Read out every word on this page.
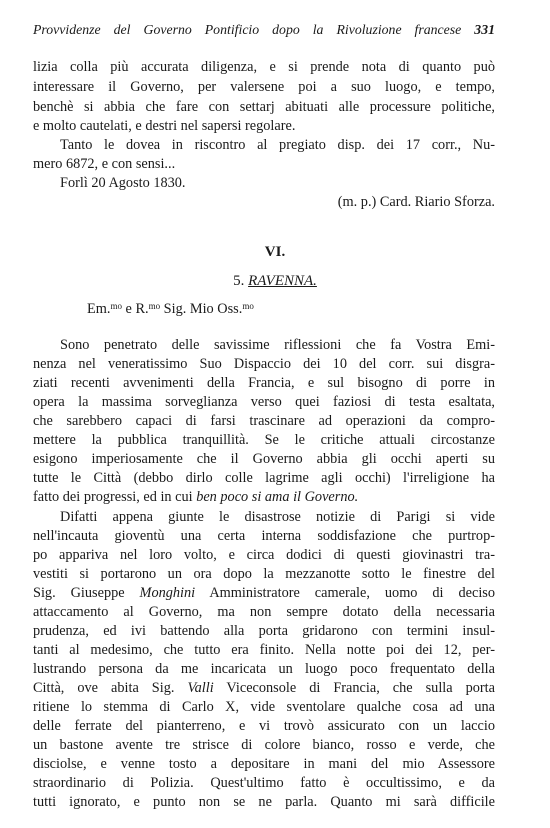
Provvidenze del Governo Pontificio dopo la Rivoluzione francese 331
lizia colla più accurata diligenza, e si prende nota di quanto può
interessare il Governo, per valersene poi a suo luogo, e tempo,
benchè si abbia che fare con settarj abituati alle processure politiche,
e molto cautelati, e destri nel sapersi regolare.
Tanto le dovea in riscontro al pregiato disp. dei 17 corr., Nu-
mero 6872, e con sensi...
Forlì 20 Agosto 1830.
(m. p.) Card. Riario Sforza.
VI.
5. RAVENNA.
Em.$^{mo}$ e R.$^{mo}$ Sig. Mio Oss.$^{mo}$
Sono penetrato delle savissime riflessioni che fa Vostra Emi-
nenza nel veneratissimo Suo Dispaccio dei 10 del corr. sui disgra-
ziati recenti avvenimenti della Francia, e sul bisogno di porre in
opera la massima sorveglianza verso quei faziosi di testa esaltata,
che sarebbero capaci di farsi trascinare ad operazioni da compro-
mettere la pubblica tranquillità. Se le critiche attuali circostanze
esigono imperiosamente che il Governo abbia gli occhi aperti su
tutte le Città (debbo dirlo colle lagrime agli occhi) l'irreligione ha
fatto dei progressi, ed in cui ben poco si ama il Governo.
Difatti appena giunte le disastrose notizie di Parigi si vide
nell'incauta gioventù una certa interna soddisfazione che purtrop-
po appariva nel loro volto, e circa dodici di questi giovinastri tra-
vestiti si portarono un ora dopo la mezzanotte sotto le finestre del
Sig. Giuseppe Monghini Amministratore camerale, uomo di deciso
attaccamento al Governo, ma non sempre dotato della necessaria
prudenza, ed ivi battendo alla porta gridarono con termini insul-
tanti al medesimo, che tutto era finito. Nella notte poi dei 12, per-
lustrando persona da me incaricata un luogo poco frequentato della
Città, ove abita Sig. Valli Viceconsole di Francia, che sulla porta
ritiene lo stemma di Carlo X, vide sventolare qualche cosa ad una
delle ferrate del pianterreno, e vi trovò assicurato con un laccio
un bastone avente tre strisce di colore bianco, rosso e verde, che
disciolse, e venne tosto a depositare in mani del mio Assessore
straordinario di Polizia. Quest'ultimo fatto è occultissimo, e da
tutti ignorato, e punto non se ne parla. Quanto mi sarà difficile
